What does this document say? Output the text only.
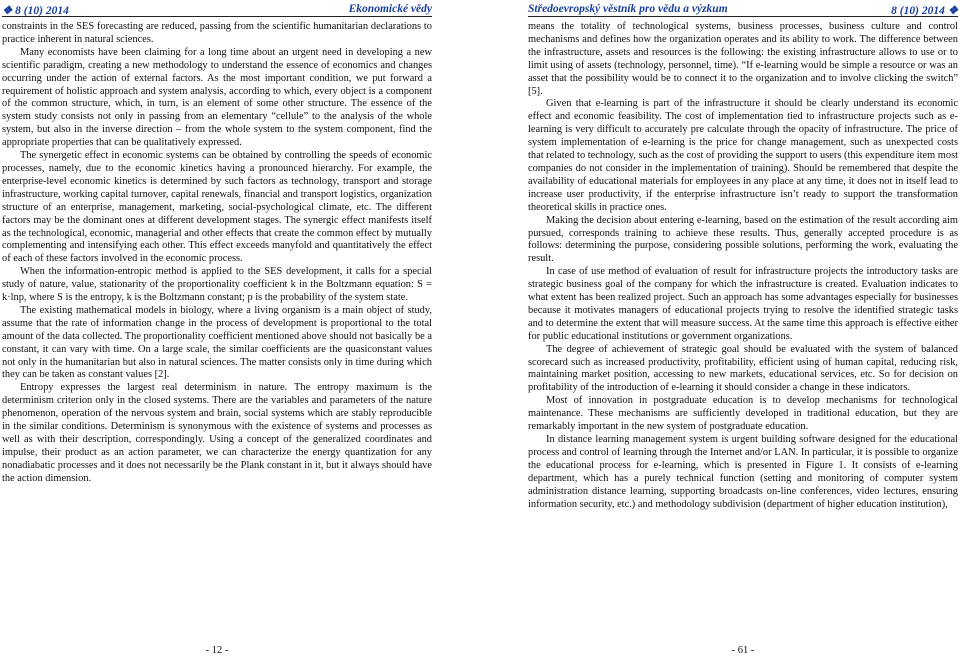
❖ 8 (10) 2014	Ekonomické vědy

constraints in the SES forecasting are reduced, passing from the scientific humanitarian declarations to practice inherent in natural sciences.

Many economists have been claiming for a long time about an urgent need in developing a new scientific paradigm, creating a new methodology to understand the essence of economics and changes occurring under the action of external factors. As the most important condition, we put forward a requirement of holistic approach and system analysis, according to which, every object is a component of the common structure, which, in turn, is an element of some other structure. The essence of the system study consists not only in passing from an elementary “cellule” to the analysis of the whole system, but also in the inverse direction – from the whole system to the system component, find the appropriate properties that can be qualitatively expressed.

The synergetic effect in economic systems can be obtained by controlling the speeds of economic processes, namely, due to the economic kinetics having a pronounced hierarchy. For example, the enterprise-level economic kinetics is determined by such factors as technology, transport and storage infrastructure, working capital turnover, capital renewals, financial and transport logistics, organization structure of an enterprise, management, marketing, social-psychological climate, etc. The different factors may be the dominant ones at different development stages. The synergic effect manifests itself as the technological, economic, managerial and other effects that create the common effect by mutually complementing and intensifying each other. This effect exceeds manyfold and quantitatively the effect of each of these factors involved in the economic process.

When the information-entropic method is applied to the SES development, it calls for a special study of nature, value, stationarity of the proportionality coefficient k in the Boltzmann equation: S = k·lnp, where S is the entropy, k is the Boltzmann constant; p is the probability of the system state.

The existing mathematical models in biology, where a living organism is a main object of study, assume that the rate of information change in the process of development is proportional to the total amount of the data collected. The proportionality coefficient mentioned above should not basically be a constant, it can vary with time. On a large scale, the similar coefficients are the quasiconstant values not only in the humanitarian but also in natural sciences. The matter consists only in time during which they can be taken as constant values [2].

Entropy expresses the largest real determinism in nature. The entropy maximum is the determinism criterion only in the closed systems. There are the variables and parameters of the nature phenomenon, operation of the nervous system and brain, social systems which are stably reproducible in the similar conditions. Determinism is synonymous with the existence of systems and processes as well as with their description, correspondingly. Using a concept of the generalized coordinates and impulse, their product as an action parameter, we can characterize the energy quantization for any nonadiabatic processes and it does not necessarily be the Plank constant in it, but it always should have the action dimension.

- 12 -
Středoevropský věstník pro vědu a výzkum	8 (10) 2014 ❖

means the totality of technological systems, business processes, business culture and control mechanisms and defines how the organization operates and its ability to work. The difference between the infrastructure, assets and resources is the following: the existing infrastructure allows to use or to limit using of assets (technology, personnel, time). “If e-learning would be simple a resource or was an asset that the possibility would be to connect it to the organization and to involve clicking the switch” [5].

Given that e-learning is part of the infrastructure it should be clearly understand its economic effect and economic feasibility. The cost of implementation tied to infrastructure projects such as e-learning is very difficult to accurately pre calculate through the opacity of infrastructure. The price of system implementation of e-learning is the price for change management, such as unexpected costs that related to technology, such as the cost of providing the support to users (this expenditure item most companies do not consider in the implementation of training). Should be remembered that despite the availability of educational materials for employees in any place at any time, it does not in itself lead to increase user productivity, if the enterprise infrastructure isn’t ready to support the transformation theoretical skills in practice ones.

Making the decision about entering e-learning, based on the estimation of the result according aim pursued, corresponds training to achieve these results. Thus, generally accepted procedure is as follows: determining the purpose, considering possible solutions, performing the work, evaluating the result.

In case of use method of evaluation of result for infrastructure projects the introductory tasks are strategic business goal of the company for which the infrastructure is created. Evaluation indicates to what extent has been realized project. Such an approach has some advantages especially for businesses because it motivates managers of educational projects trying to resolve the identified strategic tasks and to determine the extent that will measure success. At the same time this approach is effective either for public educational institutions or government organizations.

The degree of achievement of strategic goal should be evaluated with the system of balanced scorecard such as increased productivity, profitability, efficient using of human capital, reducing risk, maintaining market position, accessing to new markets, educational services, etc. So for decision on profitability of the introduction of e-learning it should consider a change in these indicators.

Most of innovation in postgraduate education is to develop mechanisms for technological maintenance. These mechanisms are sufficiently developed in traditional education, but they are remarkably important in the new system of postgraduate education.

In distance learning management system is urgent building software designed for the educational process and control of learning through the Internet and/or LAN. In particular, it is possible to organize the educational process for e-learning, which is presented in Figure 1. It consists of e-learning department, which has a purely technical function (setting and monitoring of computer system administration distance learning, supporting broadcasts on-line conferences, video lectures, ensuring information security, etc.) and methodology subdivision (department of higher education institution),

- 61 -
